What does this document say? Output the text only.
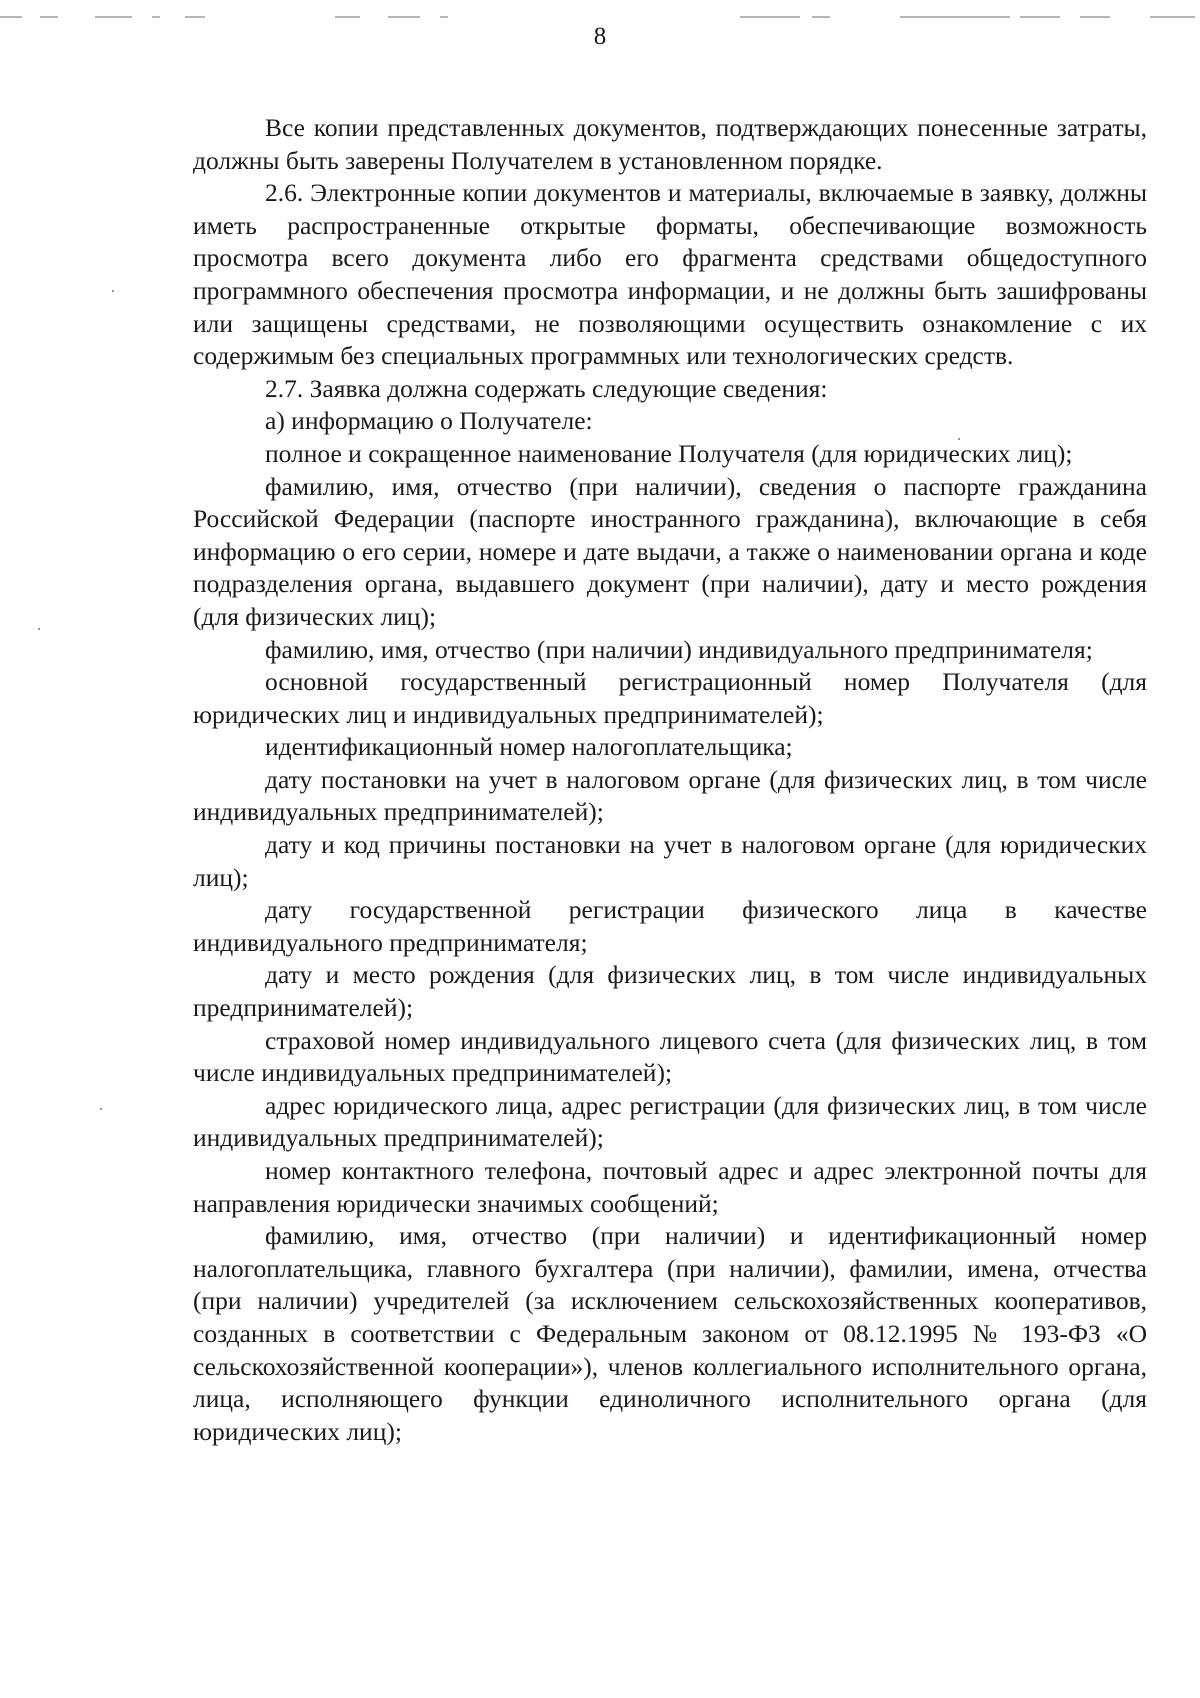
8

Все копии представленных документов, подтверждающих понесенные затраты, должны быть заверены Получателем в установленном порядке.

2.6. Электронные копии документов и материалы, включаемые в заявку, должны иметь распространенные открытые форматы, обеспечивающие возможность просмотра всего документа либо его фрагмента средствами общедоступного программного обеспечения просмотра информации, и не должны быть зашифрованы или защищены средствами, не позволяющими осуществить ознакомление с их содержимым без специальных программных или технологических средств.

2.7. Заявка должна содержать следующие сведения:

а) информацию о Получателе:

полное и сокращенное наименование Получателя (для юридических лиц);

фамилию, имя, отчество (при наличии), сведения о паспорте гражданина Российской Федерации (паспорте иностранного гражданина), включающие в себя информацию о его серии, номере и дате выдачи, а также о наименовании органа и коде подразделения органа, выдавшего документ (при наличии), дату и место рождения (для физических лиц);

фамилию, имя, отчество (при наличии) индивидуального предпринимателя;

основной государственный регистрационный номер Получателя (для юридических лиц и индивидуальных предпринимателей);

идентификационный номер налогоплательщика;

дату постановки на учет в налоговом органе (для физических лиц, в том числе индивидуальных предпринимателей);

дату и код причины постановки на учет в налоговом органе (для юридических лиц);

дату государственной регистрации физического лица в качестве индивидуального предпринимателя;

дату и место рождения (для физических лиц, в том числе индивидуальных предпринимателей);

страховой номер индивидуального лицевого счета (для физических лиц, в том числе индивидуальных предпринимателей);

адрес юридического лица, адрес регистрации (для физических лиц, в том числе индивидуальных предпринимателей);

номер контактного телефона, почтовый адрес и адрес электронной почты для направления юридически значимых сообщений;

фамилию, имя, отчество (при наличии) и идентификационный номер налогоплательщика, главного бухгалтера (при наличии), фамилии, имена, отчества (при наличии) учредителей (за исключением сельскохозяйственных кооперативов, созданных в соответствии с Федеральным законом от 08.12.1995 № 193-ФЗ «О сельскохозяйственной кооперации»), членов коллегиального исполнительного органа, лица, исполняющего функции единоличного исполнительного органа (для юридических лиц);
